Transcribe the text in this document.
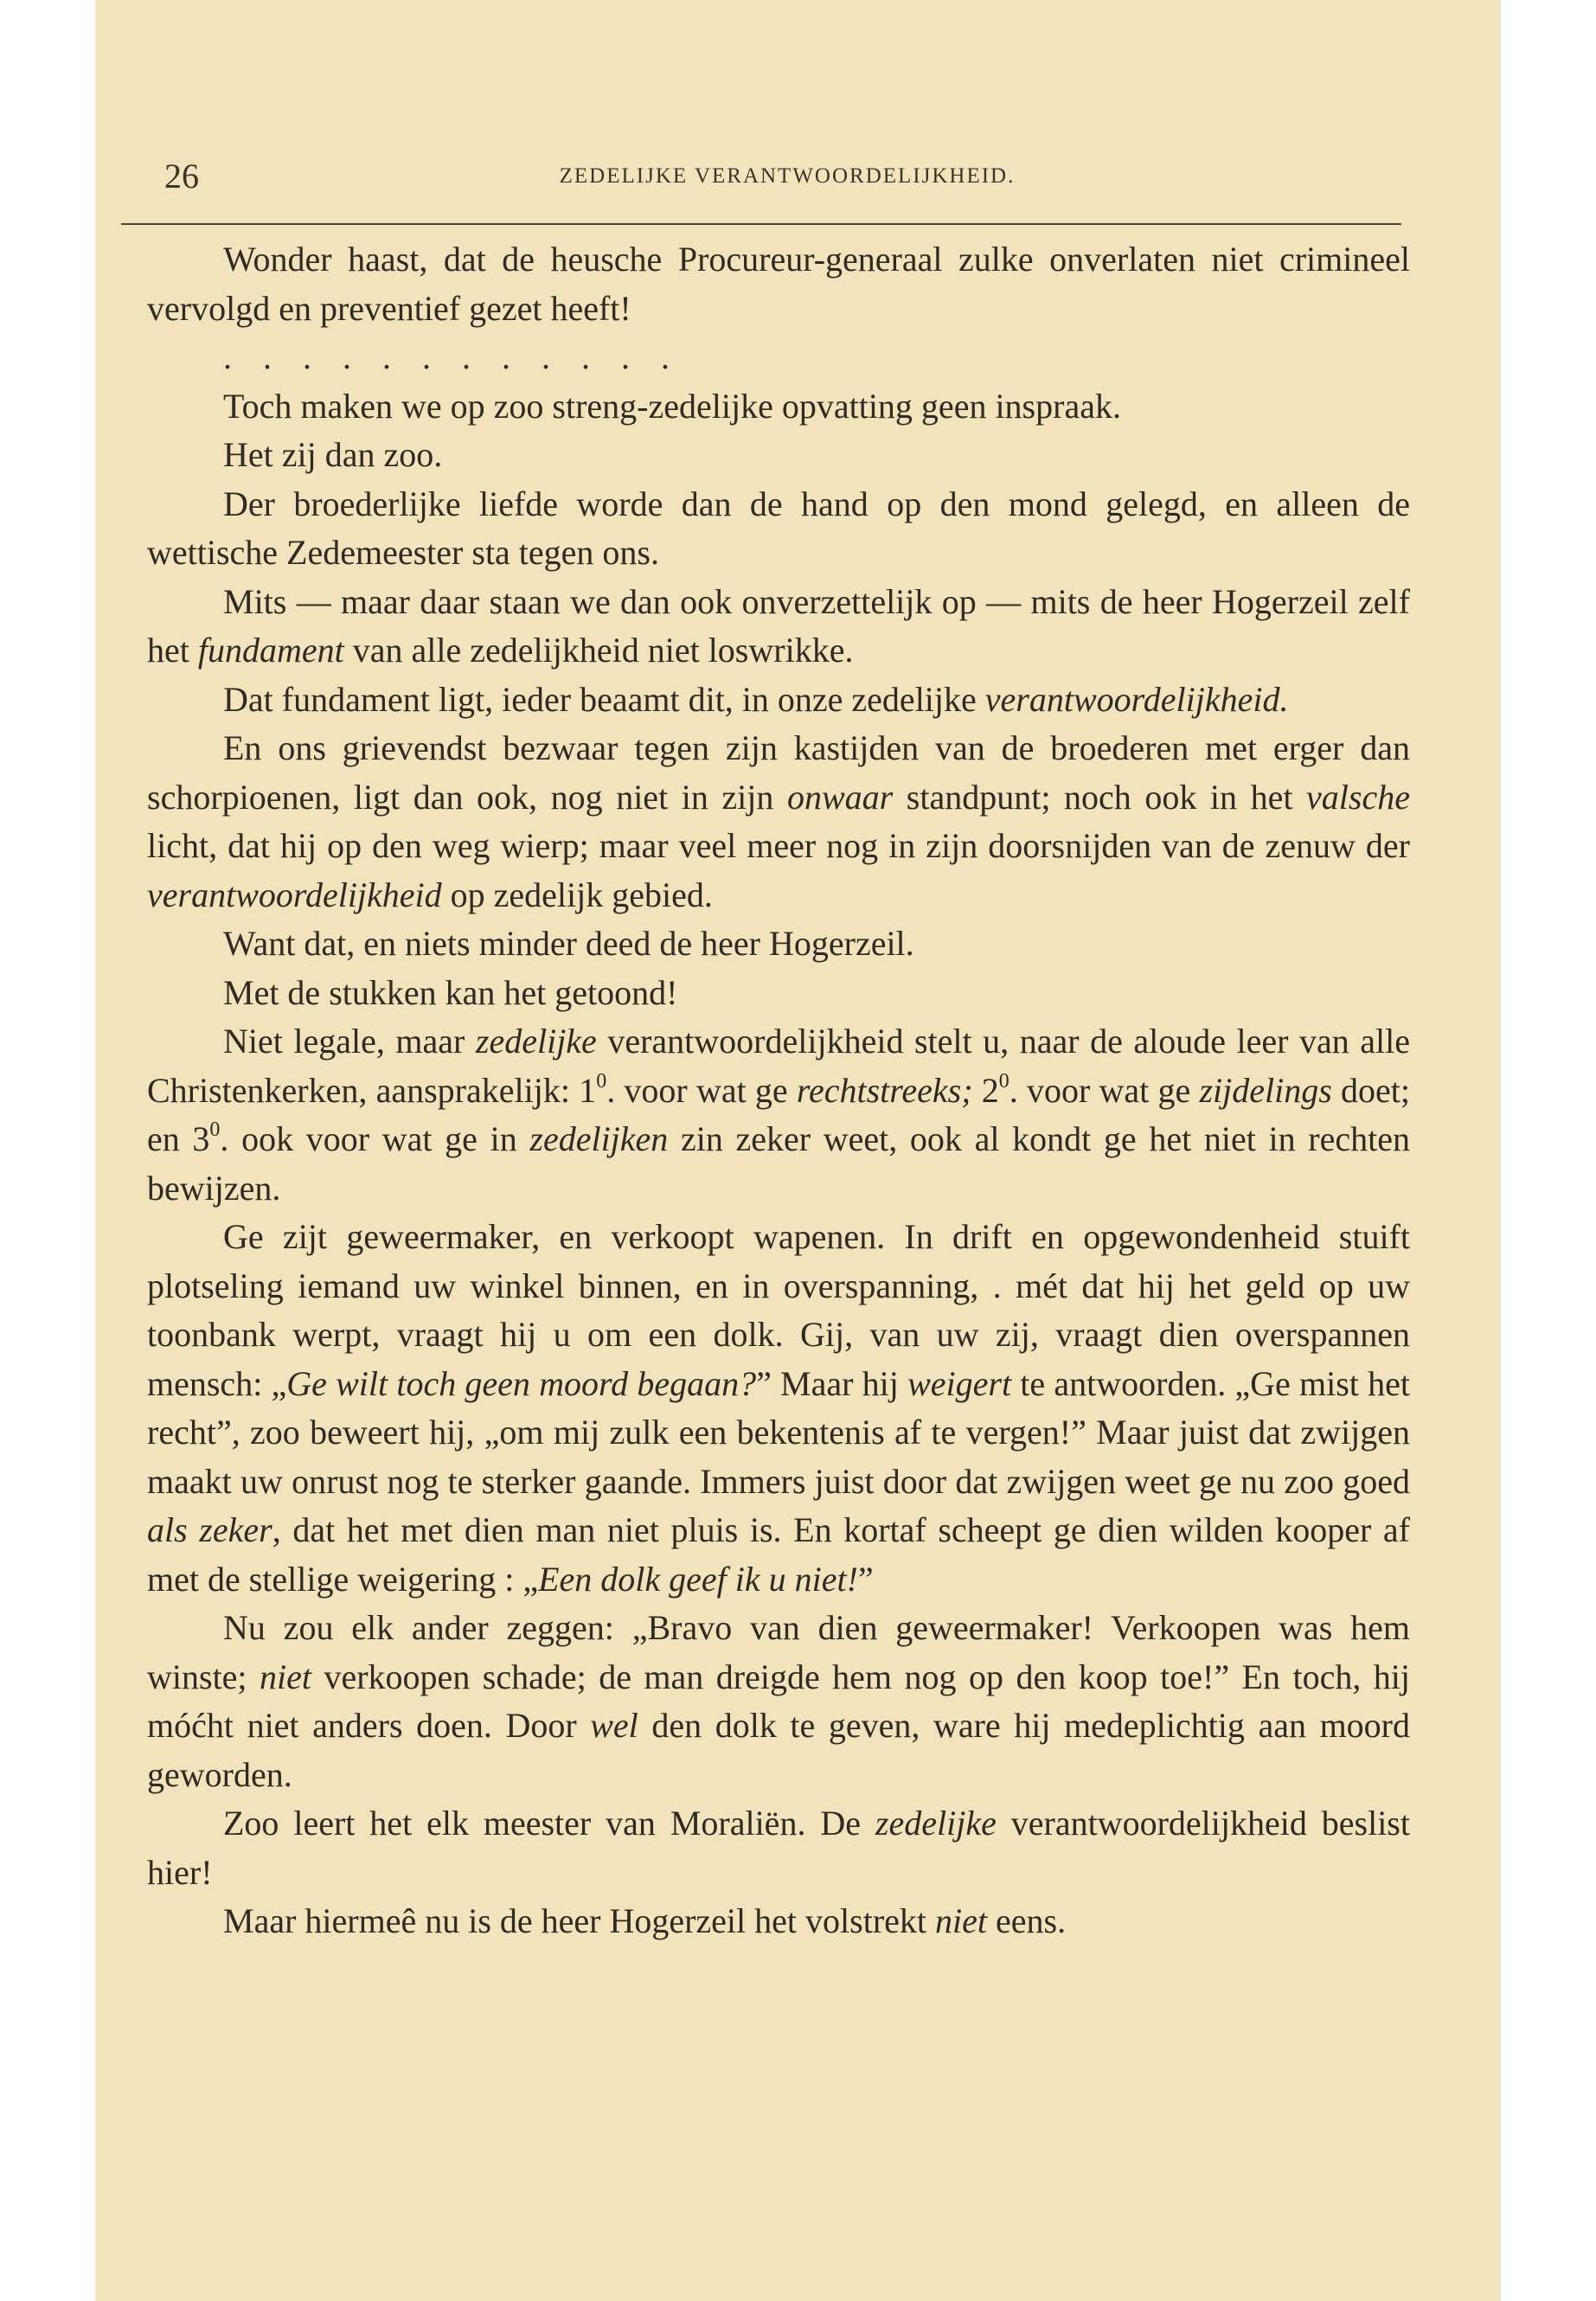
26	ZEDELIJKE VERANTWOORDELIJKHEID.

Wonder haast, dat de heusche Procureur-generaal zulke onverlaten niet crimineel vervolgd en preventief gezet heeft!

............

Toch maken we op zoo streng-zedelijke opvatting geen inspraak.

Het zij dan zoo.

Der broederlijke liefde worde dan de hand op den mond gelegd, en alleen de wettische Zedemeester sta tegen ons.

Mits — maar daar staan we dan ook onverzettelijk op — mits de heer Hogerzeil zelf het fundament van alle zedelijkheid niet loswrikke.

Dat fundament ligt, ieder beaamt dit, in onze zedelijke verantwoordelijkheid.

En ons grievendst bezwaar tegen zijn kastijden van de broederen met erger dan schorpioenen, ligt dan ook, nog niet in zijn onwaar standpunt; noch ook in het valsche licht, dat hij op den weg wierp; maar veel meer nog in zijn doorsnijden van de zenuw der verantwoordelijkheid op zedelijk gebied.

Want dat, en niets minder deed de heer Hogerzeil.

Met de stukken kan het getoond!

Niet legale, maar zedelijke verantwoordelijkheid stelt u, naar de aloude leer van alle Christenkerken, aansprakelijk: $1^0$. voor wat ge rechtstreeks; $2^0$. voor wat ge zijdelings doet; en $3^0$. ook voor wat ge in zedelijken zin zeker weet, ook al kondt ge het niet in rechten bewijzen.

Ge zijt geweermaker, en verkoopt wapenen. In drift en opgewondenheid stuift plotseling iemand uw winkel binnen, en in overspanning, . mét dat hij het geld op uw toonbank werpt, vraagt hij u om een dolk. Gij, van uw zij, vraagt dien overspannen mensch: „Ge wilt toch geen moord begaan?” Maar hij weigert te antwoorden. „Ge mist het recht”, zoo beweert hij, „om mij zulk een bekentenis af te vergen!” Maar juist dat zwijgen maakt uw onrust nog te sterker gaande. Immers juist door dat zwijgen weet ge nu zoo goed als zeker, dat het met dien man niet pluis is. En kortaf scheept ge dien wilden kooper af met de stellige weigering : „Een dolk geef ik u niet!”

Nu zou elk ander zeggen: „Bravo van dien geweermaker! Verkoopen was hem winste; niet verkoopen schade; de man dreigde hem nog op den koop toe!” En toch, hij móćht niet anders doen. Door wel den dolk te geven, ware hij medeplichtig aan moord geworden.

Zoo leert het elk meester van Moraliën. De zedelijke verantwoordelijkheid beslist hier!

Maar hiermeê nu is de heer Hogerzeil het volstrekt niet eens.
